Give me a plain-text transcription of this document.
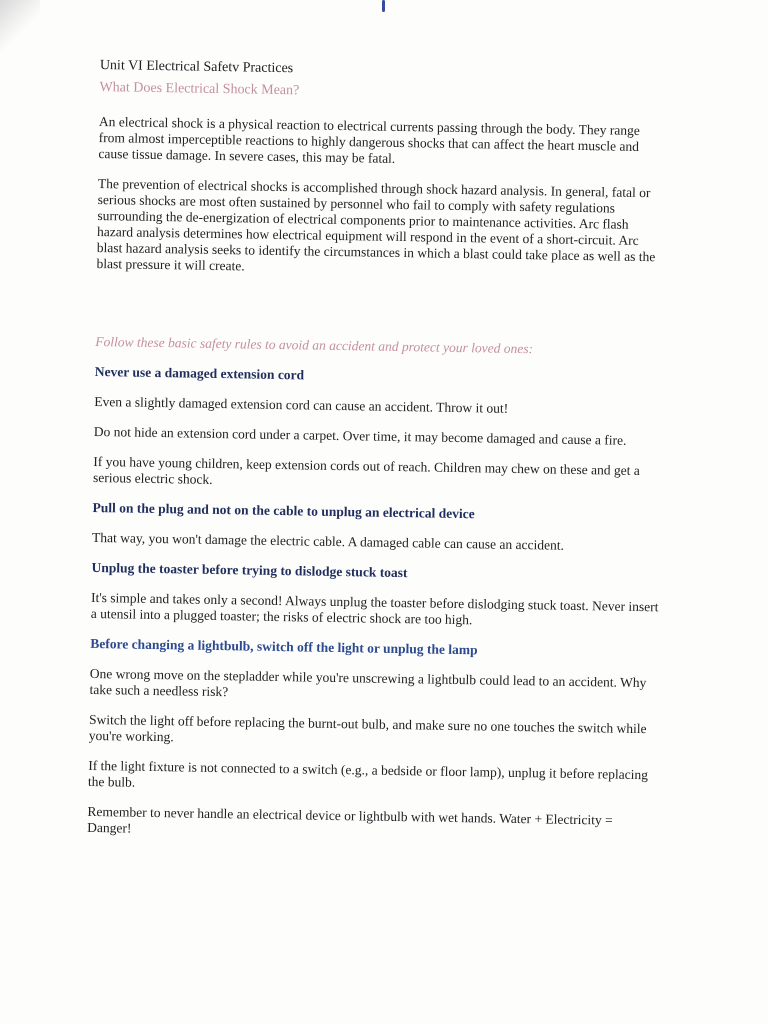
Unit VI Electrical Safetv Practices

What Does Electrical Shock Mean?

An electrical shock is a physical reaction to electrical currents passing through the body. They range from almost imperceptible reactions to highly dangerous shocks that can affect the heart muscle and cause tissue damage. In severe cases, this may be fatal.

The prevention of electrical shocks is accomplished through shock hazard analysis. In general, fatal or serious shocks are most often sustained by personnel who fail to comply with safety regulations surrounding the de-energization of electrical components prior to maintenance activities. Arc flash hazard analysis determines how electrical equipment will respond in the event of a short-circuit. Arc blast hazard analysis seeks to identify the circumstances in which a blast could take place as well as the blast pressure it will create.

Follow these basic safety rules to avoid an accident and protect your loved ones:

Never use a damaged extension cord

Even a slightly damaged extension cord can cause an accident. Throw it out!

Do not hide an extension cord under a carpet. Over time, it may become damaged and cause a fire.

If you have young children, keep extension cords out of reach. Children may chew on these and get a serious electric shock.

Pull on the plug and not on the cable to unplug an electrical device

That way, you won't damage the electric cable. A damaged cable can cause an accident.

Unplug the toaster before trying to dislodge stuck toast

It's simple and takes only a second! Always unplug the toaster before dislodging stuck toast. Never insert a utensil into a plugged toaster; the risks of electric shock are too high.

Before changing a lightbulb, switch off the light or unplug the lamp

One wrong move on the stepladder while you're unscrewing a lightbulb could lead to an accident. Why take such a needless risk?

Switch the light off before replacing the burnt-out bulb, and make sure no one touches the switch while you're working.

If the light fixture is not connected to a switch (e.g., a bedside or floor lamp), unplug it before replacing the bulb.

Remember to never handle an electrical device or lightbulb with wet hands. Water + Electricity = Danger!
